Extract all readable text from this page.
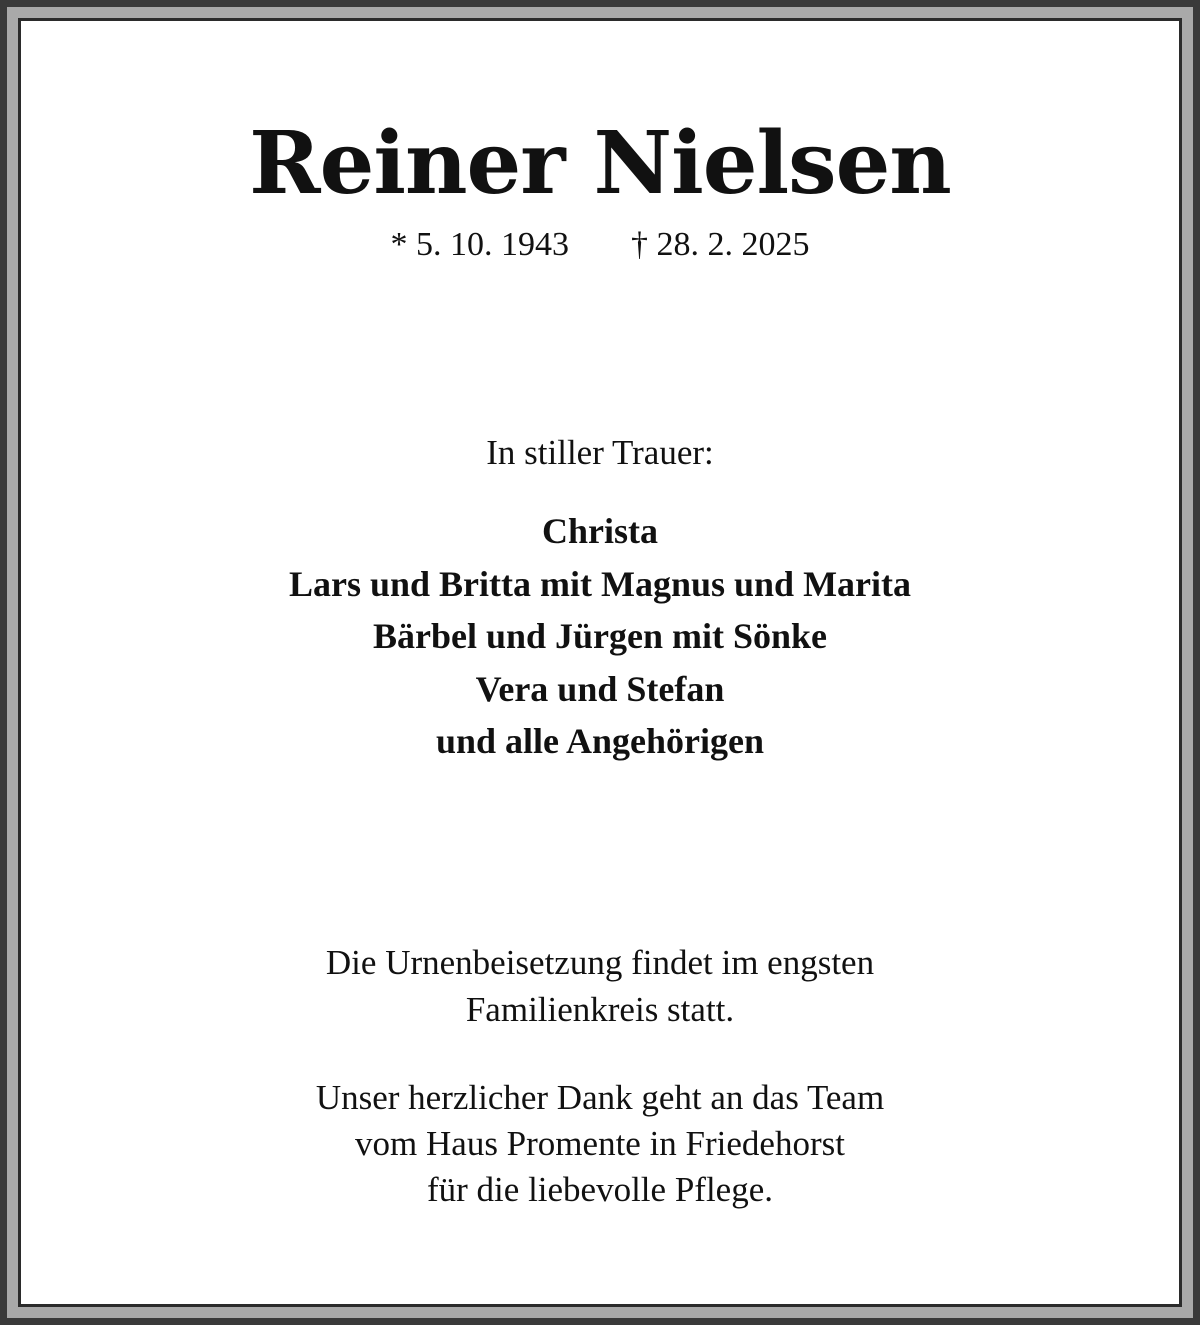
Reiner Nielsen
* 5. 10. 1943 † 28. 2. 2025
In stiller Trauer:
Christa
Lars und Britta mit Magnus und Marita
Bärbel und Jürgen mit Sönke
Vera und Stefan
und alle Angehörigen
Die Urnenbeisetzung findet im engsten
Familienkreis statt.
Unser herzlicher Dank geht an das Team
vom Haus Promente in Friedehorst
für die liebevolle Pflege.
